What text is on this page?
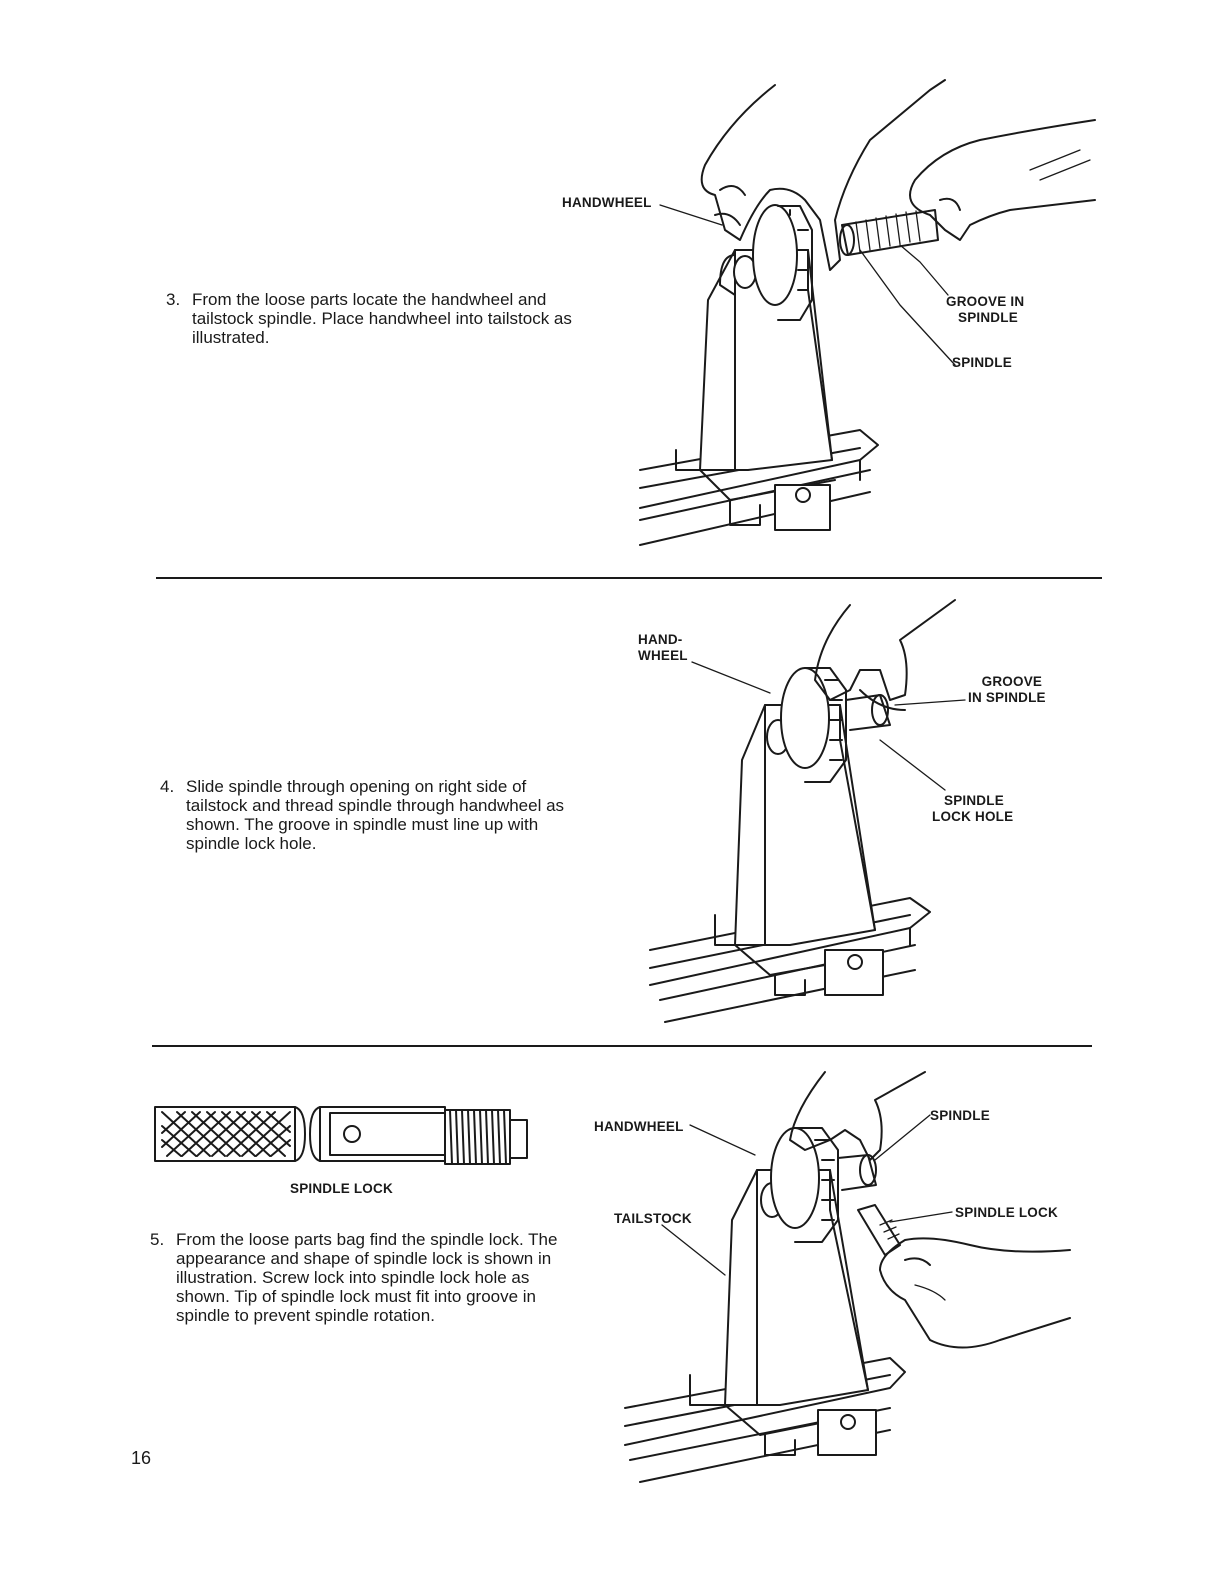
3. From the loose parts locate the handwheel and
tailstock spindle. Place handwheel into tailstock as
illustrated.
4. Slide spindle through opening on right side of
tailstock and thread spindle through handwheel as
shown. The groove in spindle must line up with
spindle lock hole.
5. From the loose parts bag find the spindle lock. The
appearance and shape of spindle lock is shown in
illustration. Screw lock into spindle lock hole as
shown. Tip of spindle lock must fit into groove in
spindle to prevent spindle rotation.
HANDWHEEL
GROOVE IN
SPINDLE
SPINDLE
HAND-
WHEEL
GROOVE
IN SPINDLE
SPINDLE
LOCK HOLE
SPINDLE LOCK
HANDWHEEL
TAILSTOCK
SPINDLE
SPINDLE LOCK
16
